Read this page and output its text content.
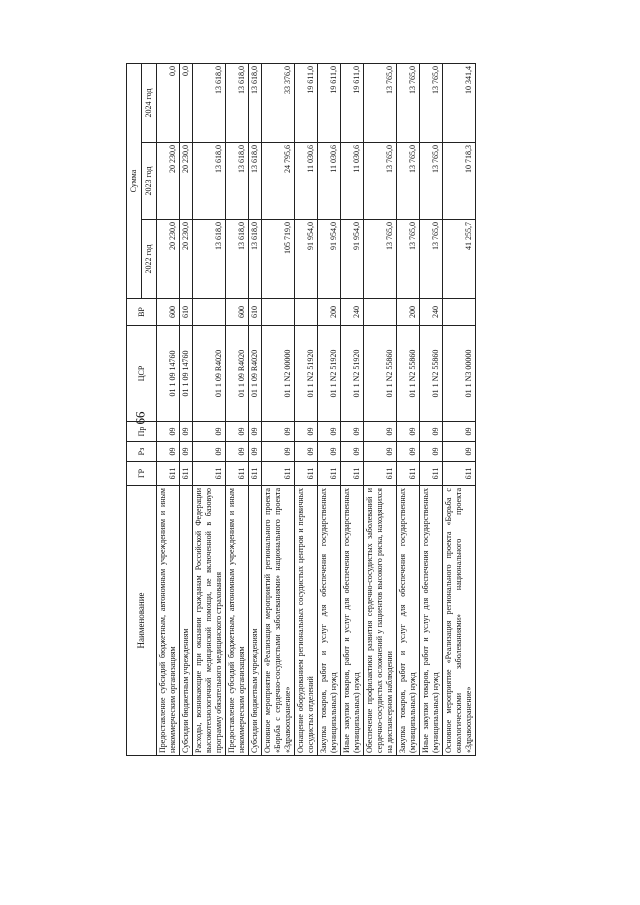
99
Наименование	ГР	Рз	Пр	ЦСР	ВР	Сумма		
						2022 год	2023 год	2024 год
Предоставление субсидий бюджетным, автономным учреждениям и иным некоммерческим организациям	611	09	09	01 1 09 14760	600	20 230,0	20 230,0	0,0
Субсидии бюджетным учреждениям	611	09	09	01 1 09 14760	610	20 230,0	20 230,0	0,0
Расходы, возникающие при оказании гражданам Российской Федерации высокотехнологичной медицинской помощи, не включенной в базовую программу обязательного медицинского страхования	611	09	09	01 1 09 R4020		13 618,0	13 618,0	13 618,0
Предоставление субсидий бюджетным, автономным учреждениям и иным некоммерческим организациям	611	09	09	01 1 09 R4020	600	13 618,0	13 618,0	13 618,0
Субсидии бюджетным учреждениям	611	09	09	01 1 09 R4020	610	13 618,0	13 618,0	13 618,0
Основное мероприятие «Реализация мероприятий регионального проекта «Борьба с сердечно-сосудистыми заболеваниями» национального проекта «Здравоохранение»	611	09	09	01 1 N2 00000		105 719,0	24 795,6	33 376,0
Оснащение оборудованием региональных сосудистых центров и первичных сосудистых отделений	611	09	09	01 1 N2 51920		91 954,0	11 030,6	19 611,0
Закупка товаров, работ и услуг для обеспечения государственных (муниципальных) нужд	611	09	09	01 1 N2 51920	200	91 954,0	11 030,6	19 611,0
Иные закупки товаров, работ и услуг для обеспечения государственных (муниципальных) нужд	611	09	09	01 1 N2 51920	240	91 954,0	11 030,6	19 611,0
Обеспечение профилактики развития сердечно-сосудистых заболеваний и сердечно-сосудистых осложнений у пациентов высокого риска, находящихся на диспансерном наблюдении	611	09	09	01 1 N2 55860		13 765,0	13 765,0	13 765,0
Закупка товаров, работ и услуг для обеспечения государственных (муниципальных) нужд	611	09	09	01 1 N2 55860	200	13 765,0	13 765,0	13 765,0
Иные закупки товаров, работ и услуг для обеспечения государственных (муниципальных) нужд	611	09	09	01 1 N2 55860	240	13 765,0	13 765,0	13 765,0
Основное мероприятие «Реализация регионального проекта «Борьба с онкологическими заболеваниями» национального проекта «Здравоохранение»	611	09	09	01 1 N3 00000		41 255,7	10 718,3	10 341,4
